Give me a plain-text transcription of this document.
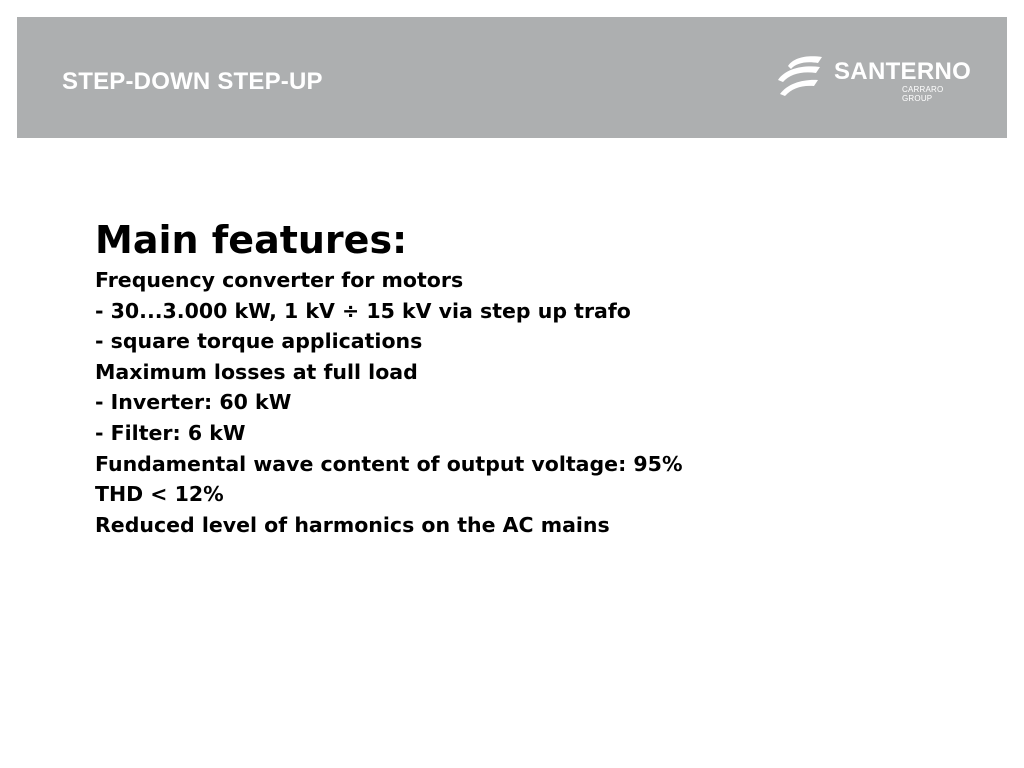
STEP-DOWN STEP-UP	SANTERNO
CARRARO GROUP
Main features:
Frequency converter for motors
- 30...3.000 kW, 1 kV ÷ 15 kV via step up trafo
- square torque applications
Maximum losses at full load
- Inverter: 60 kW
- Filter: 6 kW
Fundamental wave content of output voltage: 95%
THD < 12%
Reduced level of harmonics on the AC mains
